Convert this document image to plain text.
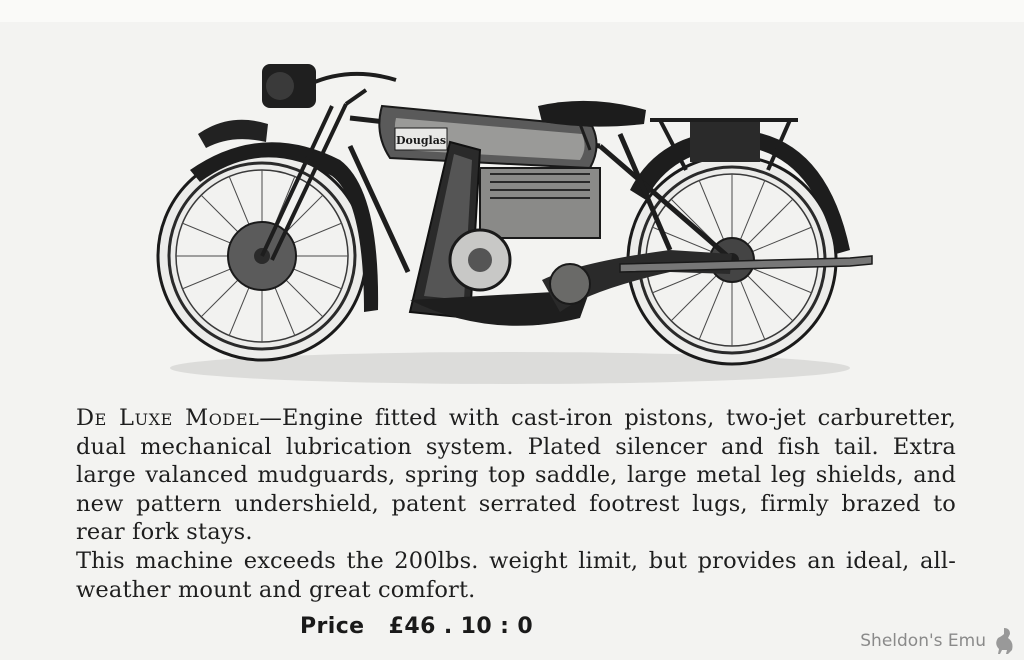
Douglas

De Luxe Model—Engine fitted with cast-iron pistons, two-jet carburetter, dual mechanical lubrication system. Plated silencer and fish tail. Extra large valanced mudguards, spring top saddle, large metal leg shields, and new pattern undershield, patent serrated footrest lugs, firmly brazed to rear fork stays.

This machine exceeds the 200lbs. weight limit, but provides an ideal, all-weather mount and great comfort.

Price £46 . 10 : 0
Sheldon's Emu
